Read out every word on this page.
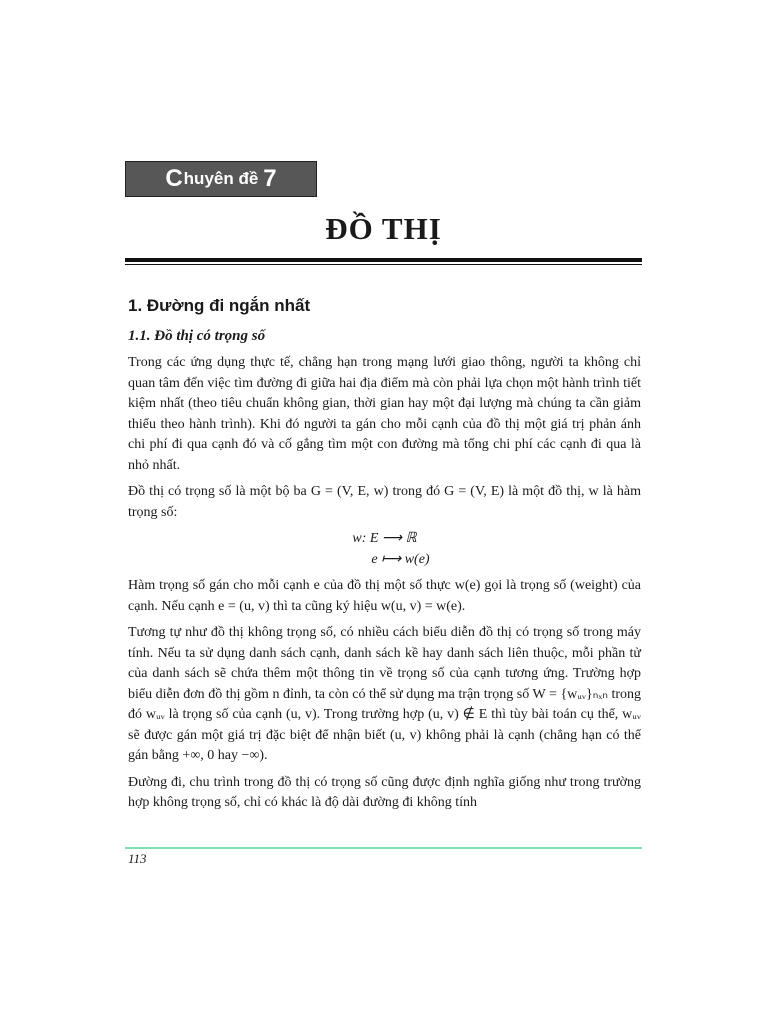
C huyên đề 7
ĐỒ THỊ
1. Đường đi ngắn nhất
1.1. Đồ thị có trọng số

Trong các ứng dụng thực tế, chẳng hạn trong mạng lưới giao thông, người ta không chỉ quan tâm đến việc tìm đường đi giữa hai địa điểm mà còn phải lựa chọn một hành trình tiết kiệm nhất (theo tiêu chuẩn không gian, thời gian hay một đại lượng mà chúng ta cần giảm thiểu theo hành trình). Khi đó người ta gán cho mỗi cạnh của đồ thị một giá trị phản ánh chi phí đi qua cạnh đó và cố gắng tìm một con đường mà tổng chi phí các cạnh đi qua là nhỏ nhất.

Đồ thị có trọng số là một bộ ba G = (V, E, w) trong đó G = (V, E) là một đồ thị, w là hàm trọng số:

w: E ⟶ ℝ
e ⟼ w(e)

Hàm trọng số gán cho mỗi cạnh e của đồ thị một số thực w(e) gọi là trọng số (weight) của cạnh. Nếu cạnh e = (u, v) thì ta cũng ký hiệu w(u, v) = w(e).

Tương tự như đồ thị không trọng số, có nhiều cách biểu diễn đồ thị có trọng số trong máy tính. Nếu ta sử dụng danh sách cạnh, danh sách kề hay danh sách liên thuộc, mỗi phần tử của danh sách sẽ chứa thêm một thông tin về trọng số của cạnh tương ứng. Trường hợp biểu diễn đơn đồ thị gồm n đỉnh, ta còn có thể sử dụng ma trận trọng số W = {wᵤᵥ}ₙₓₙ trong đó wᵤᵥ là trọng số của cạnh (u, v). Trong trường hợp (u, v) ∉ E thì tùy bài toán cụ thể, wᵤᵥ sẽ được gán một giá trị đặc biệt để nhận biết (u, v) không phải là cạnh (chẳng hạn có thể gán bằng +∞, 0 hay −∞).

Đường đi, chu trình trong đồ thị có trọng số cũng được định nghĩa giống như trong trường hợp không trọng số, chỉ có khác là độ dài đường đi không tính

113
